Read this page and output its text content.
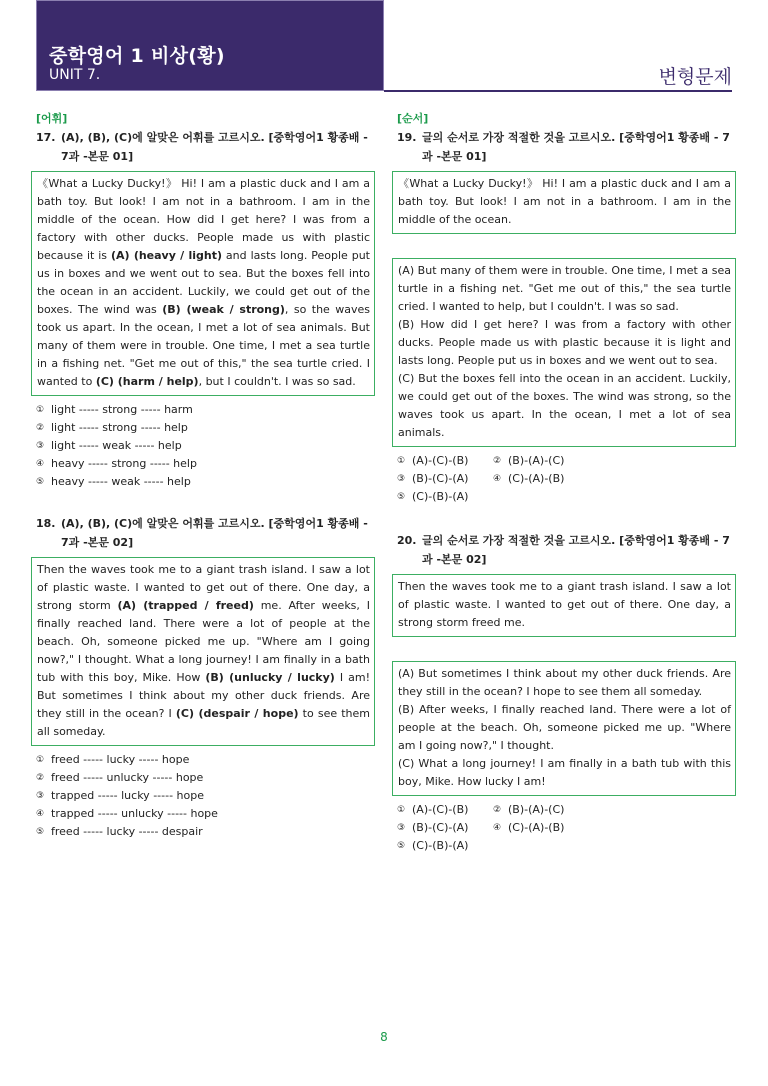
중학영어 1 비상(황)
UNIT 7.	변형문제
[어휘]
17. (A), (B), (C)에 알맞은 어휘를 고르시오. [중학영어1 황종배 - 7과 -본문 01]

《What a Lucky Ducky!》 Hi! I am a plastic duck and I am a bath toy. But look! I am not in a bathroom. I am in the middle of the ocean. How did I get here? I was from a factory with other ducks. People made us with plastic because it is (A) (heavy / light) and lasts long. People put us in boxes and we went out to sea. But the boxes fell into the ocean in an accident. Luckily, we could get out of the boxes. The wind was (B) (weak / strong), so the waves took us apart. In the ocean, I met a lot of sea animals. But many of them were in trouble. One time, I met a sea turtle in a fishing net. "Get me out of this," the sea turtle cried. I wanted to (C) (harm / help), but I couldn't. I was so sad.

① light ----- strong ----- harm
② light ----- strong ----- help
③ light ----- weak ----- help
④ heavy ----- strong ----- help
⑤ heavy ----- weak ----- help
18. (A), (B), (C)에 알맞은 어휘를 고르시오. [중학영어1 황종배 - 7과 -본문 02]

Then the waves took me to a giant trash island. I saw a lot of plastic waste. I wanted to get out of there. One day, a strong storm (A) (trapped / freed) me. After weeks, I finally reached land. There were a lot of people at the beach. Oh, someone picked me up. "Where am I going now?," I thought. What a long journey! I am finally in a bath tub with this boy, Mike. How (B) (unlucky / lucky) I am! But sometimes I think about my other duck friends. Are they still in the ocean? I (C) (despair / hope) to see them all someday.

① freed ----- lucky ----- hope
② freed ----- unlucky ----- hope
③ trapped ----- lucky ----- hope
④ trapped ----- unlucky ----- hope
⑤ freed ----- lucky ----- despair
[순서]
19. 글의 순서로 가장 적절한 것을 고르시오. [중학영어1 황종배 - 7과 -본문 01]

《What a Lucky Ducky!》 Hi! I am a plastic duck and I am a bath toy. But look! I am not in a bathroom. I am in the middle of the ocean.

(A) But many of them were in trouble. One time, I met a sea turtle in a fishing net. "Get me out of this," the sea turtle cried. I wanted to help, but I couldn't. I was so sad.

(B) How did I get here? I was from a factory with other ducks. People made us with plastic because it is light and lasts long. People put us in boxes and we went out to sea.

(C) But the boxes fell into the ocean in an accident. Luckily, we could get out of the boxes. The wind was strong, so the waves took us apart. In the ocean, I met a lot of sea animals.

① (A)-(C)-(B)	② (B)-(A)-(C)
③ (B)-(C)-(A)	④ (C)-(A)-(B)
⑤ (C)-(B)-(A)
20. 글의 순서로 가장 적절한 것을 고르시오. [중학영어1 황종배 - 7과 -본문 02]

Then the waves took me to a giant trash island. I saw a lot of plastic waste. I wanted to get out of there. One day, a strong storm freed me.

(A) But sometimes I think about my other duck friends. Are they still in the ocean? I hope to see them all someday.

(B) After weeks, I finally reached land. There were a lot of people at the beach. Oh, someone picked me up. "Where am I going now?," I thought.

(C) What a long journey! I am finally in a bath tub with this boy, Mike. How lucky I am!

① (A)-(C)-(B)	② (B)-(A)-(C)
③ (B)-(C)-(A)	④ (C)-(A)-(B)
⑤ (C)-(B)-(A)
8
